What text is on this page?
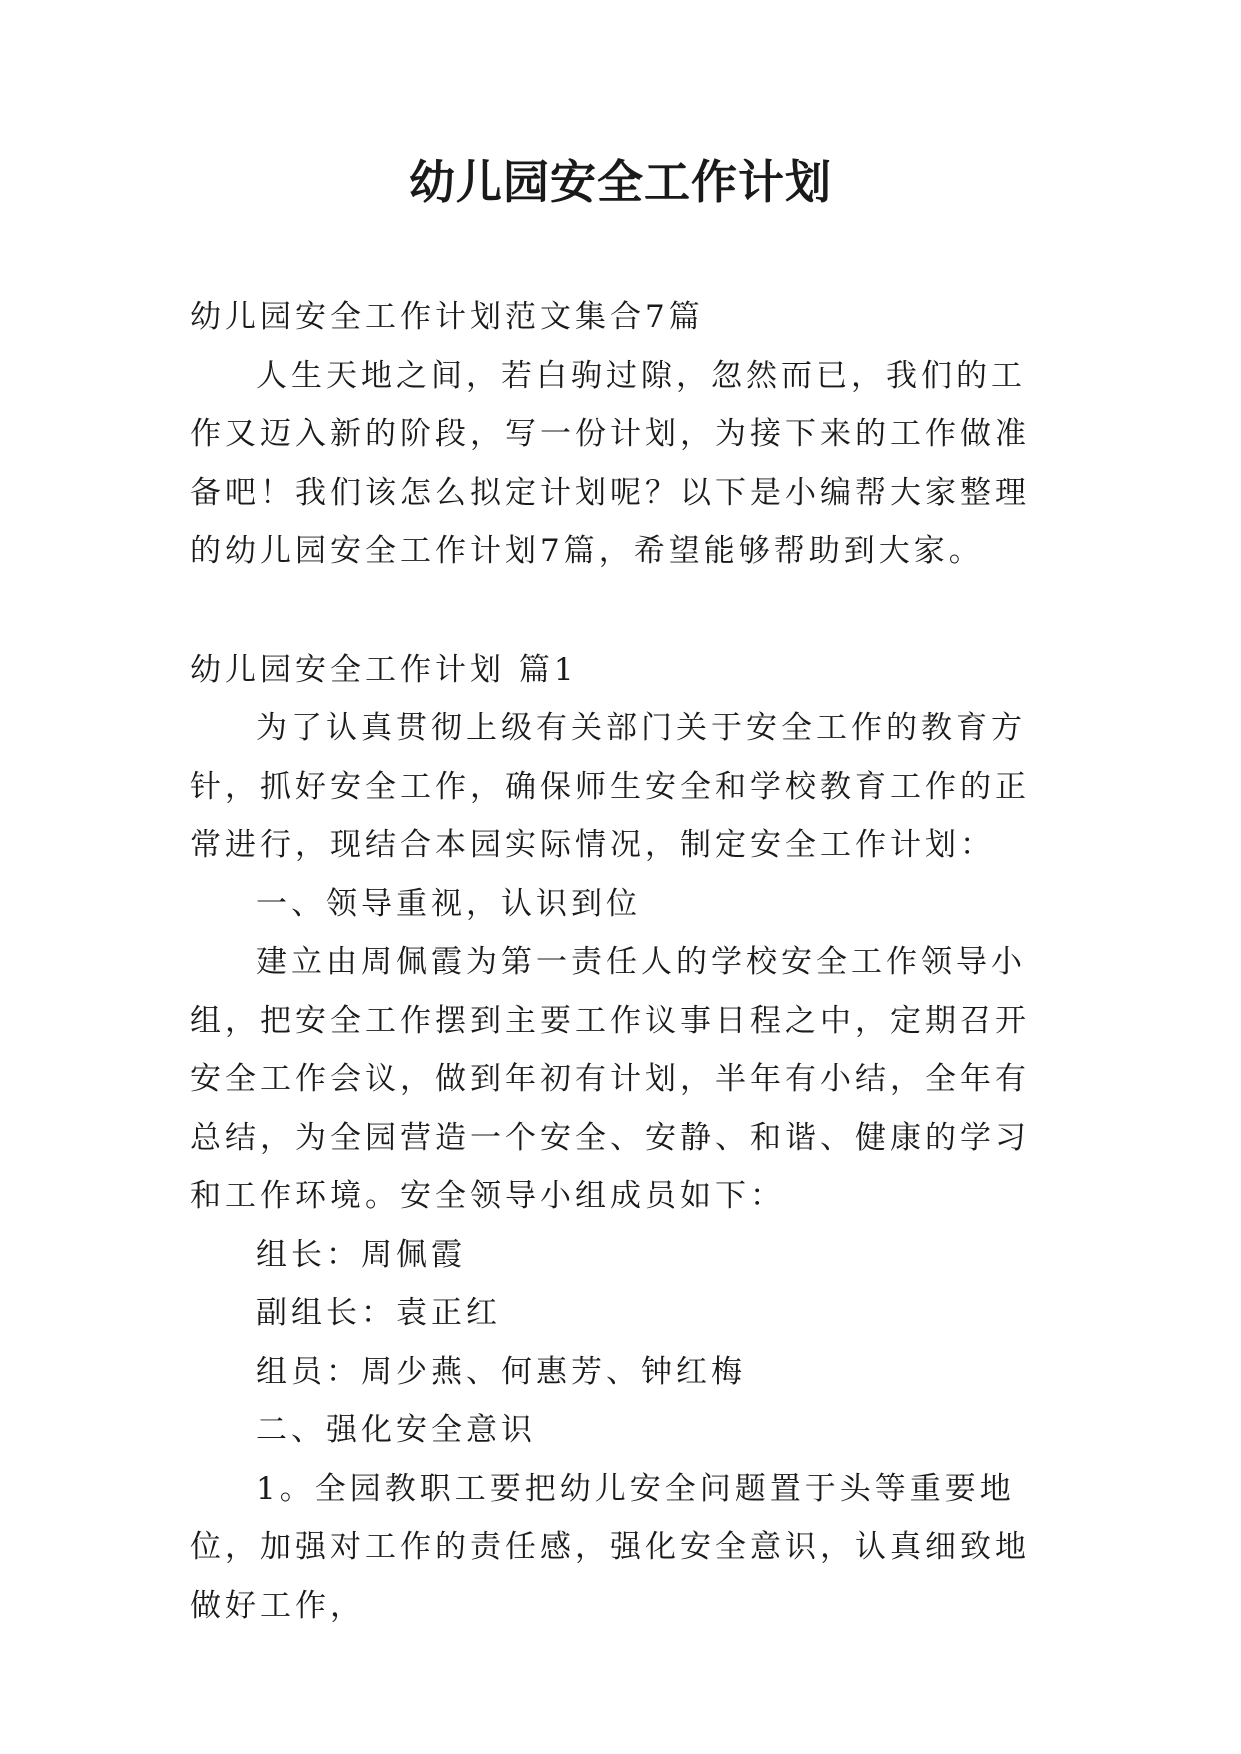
幼儿园安全工作计划

幼儿园安全工作计划范文集合7篇

人生天地之间，若白驹过隙，忽然而已，我们的工作又迈入新的阶段，写一份计划，为接下来的工作做准备吧！我们该怎么拟定计划呢？以下是小编帮大家整理的幼儿园安全工作计划7篇，希望能够帮助到大家。

幼儿园安全工作计划 篇1

为了认真贯彻上级有关部门关于安全工作的教育方针，抓好安全工作，确保师生安全和学校教育工作的正常进行，现结合本园实际情况，制定安全工作计划：

一、领导重视，认识到位

建立由周佩霞为第一责任人的学校安全工作领导小组，把安全工作摆到主要工作议事日程之中，定期召开安全工作会议，做到年初有计划，半年有小结，全年有总结，为全园营造一个安全、安静、和谐、健康的学习和工作环境。安全领导小组成员如下：

组长：周佩霞

副组长：袁正红

组员：周少燕、何惠芳、钟红梅

二、强化安全意识

1。全园教职工要把幼儿安全问题置于头等重要地位，加强对工作的责任感，强化安全意识，认真细致地做好工作，
